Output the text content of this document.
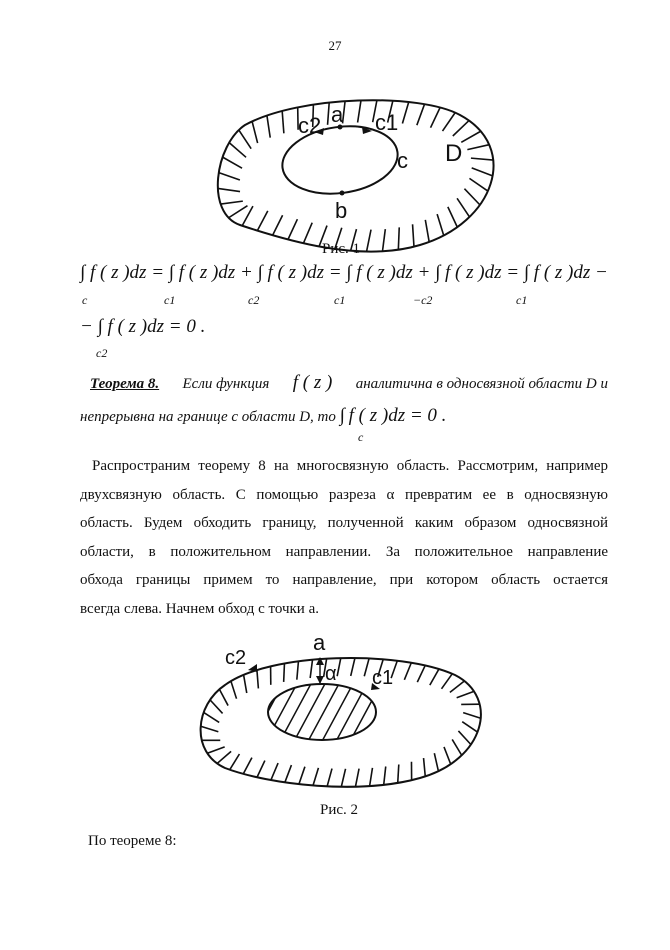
27
c2 a c1
c D
b
Рис. 1
∫ f ( z )dz = ∫ f ( z )dz + ∫ f ( z )dz = ∫ f ( z )dz + ∫ f ( z )dz = ∫ f ( z )dz −
c	c1	c2	c1	−c2	c1
− ∫ f ( z )dz = 0 .
c2
Теорема 8. Если функция f ( z ) аналитична в односвязной области D и
непрерывна на границе с области D, то ∫ f ( z )dz = 0 .
c

Распространим теорему 8 на многосвязную область. Рассмотрим, например

двухсвязную область. С помощью разреза α превратим ее в односвязную

область. Будем обходить границу, полученной каким образом односвязной

области, в положительном направлении. За положительное направление

обхода границы примем то направление, при котором область остается

всегда слева. Начнем обход с точки а.

a
α
c2
c1
Рис. 2
По теореме 8:
